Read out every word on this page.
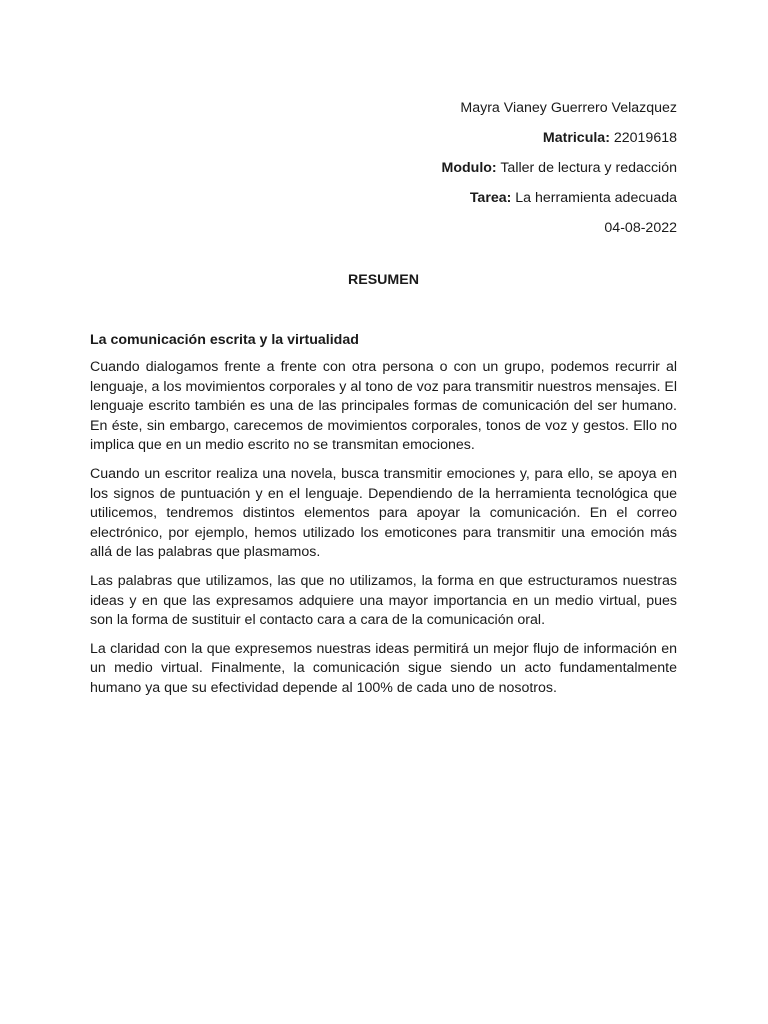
Mayra Vianey Guerrero Velazquez
Matricula: 22019618
Modulo: Taller de lectura y redacción
Tarea: La herramienta adecuada
04-08-2022
RESUMEN
La comunicación escrita y la virtualidad

Cuando dialogamos frente a frente con otra persona o con un grupo, podemos recurrir al lenguaje, a los movimientos corporales y al tono de voz para transmitir nuestros mensajes. El lenguaje escrito también es una de las principales formas de comunicación del ser humano. En éste, sin embargo, carecemos de movimientos corporales, tonos de voz y gestos. Ello no implica que en un medio escrito no se transmitan emociones.

Cuando un escritor realiza una novela, busca transmitir emociones y, para ello, se apoya en los signos de puntuación y en el lenguaje. Dependiendo de la herramienta tecnológica que utilicemos, tendremos distintos elementos para apoyar la comunicación. En el correo electrónico, por ejemplo, hemos utilizado los emoticones para transmitir una emoción más allá de las palabras que plasmamos.

Las palabras que utilizamos, las que no utilizamos, la forma en que estructuramos nuestras ideas y en que las expresamos adquiere una mayor importancia en un medio virtual, pues son la forma de sustituir el contacto cara a cara de la comunicación oral.

La claridad con la que expresemos nuestras ideas permitirá un mejor flujo de información en un medio virtual. Finalmente, la comunicación sigue siendo un acto fundamentalmente humano ya que su efectividad depende al 100% de cada uno de nosotros.
